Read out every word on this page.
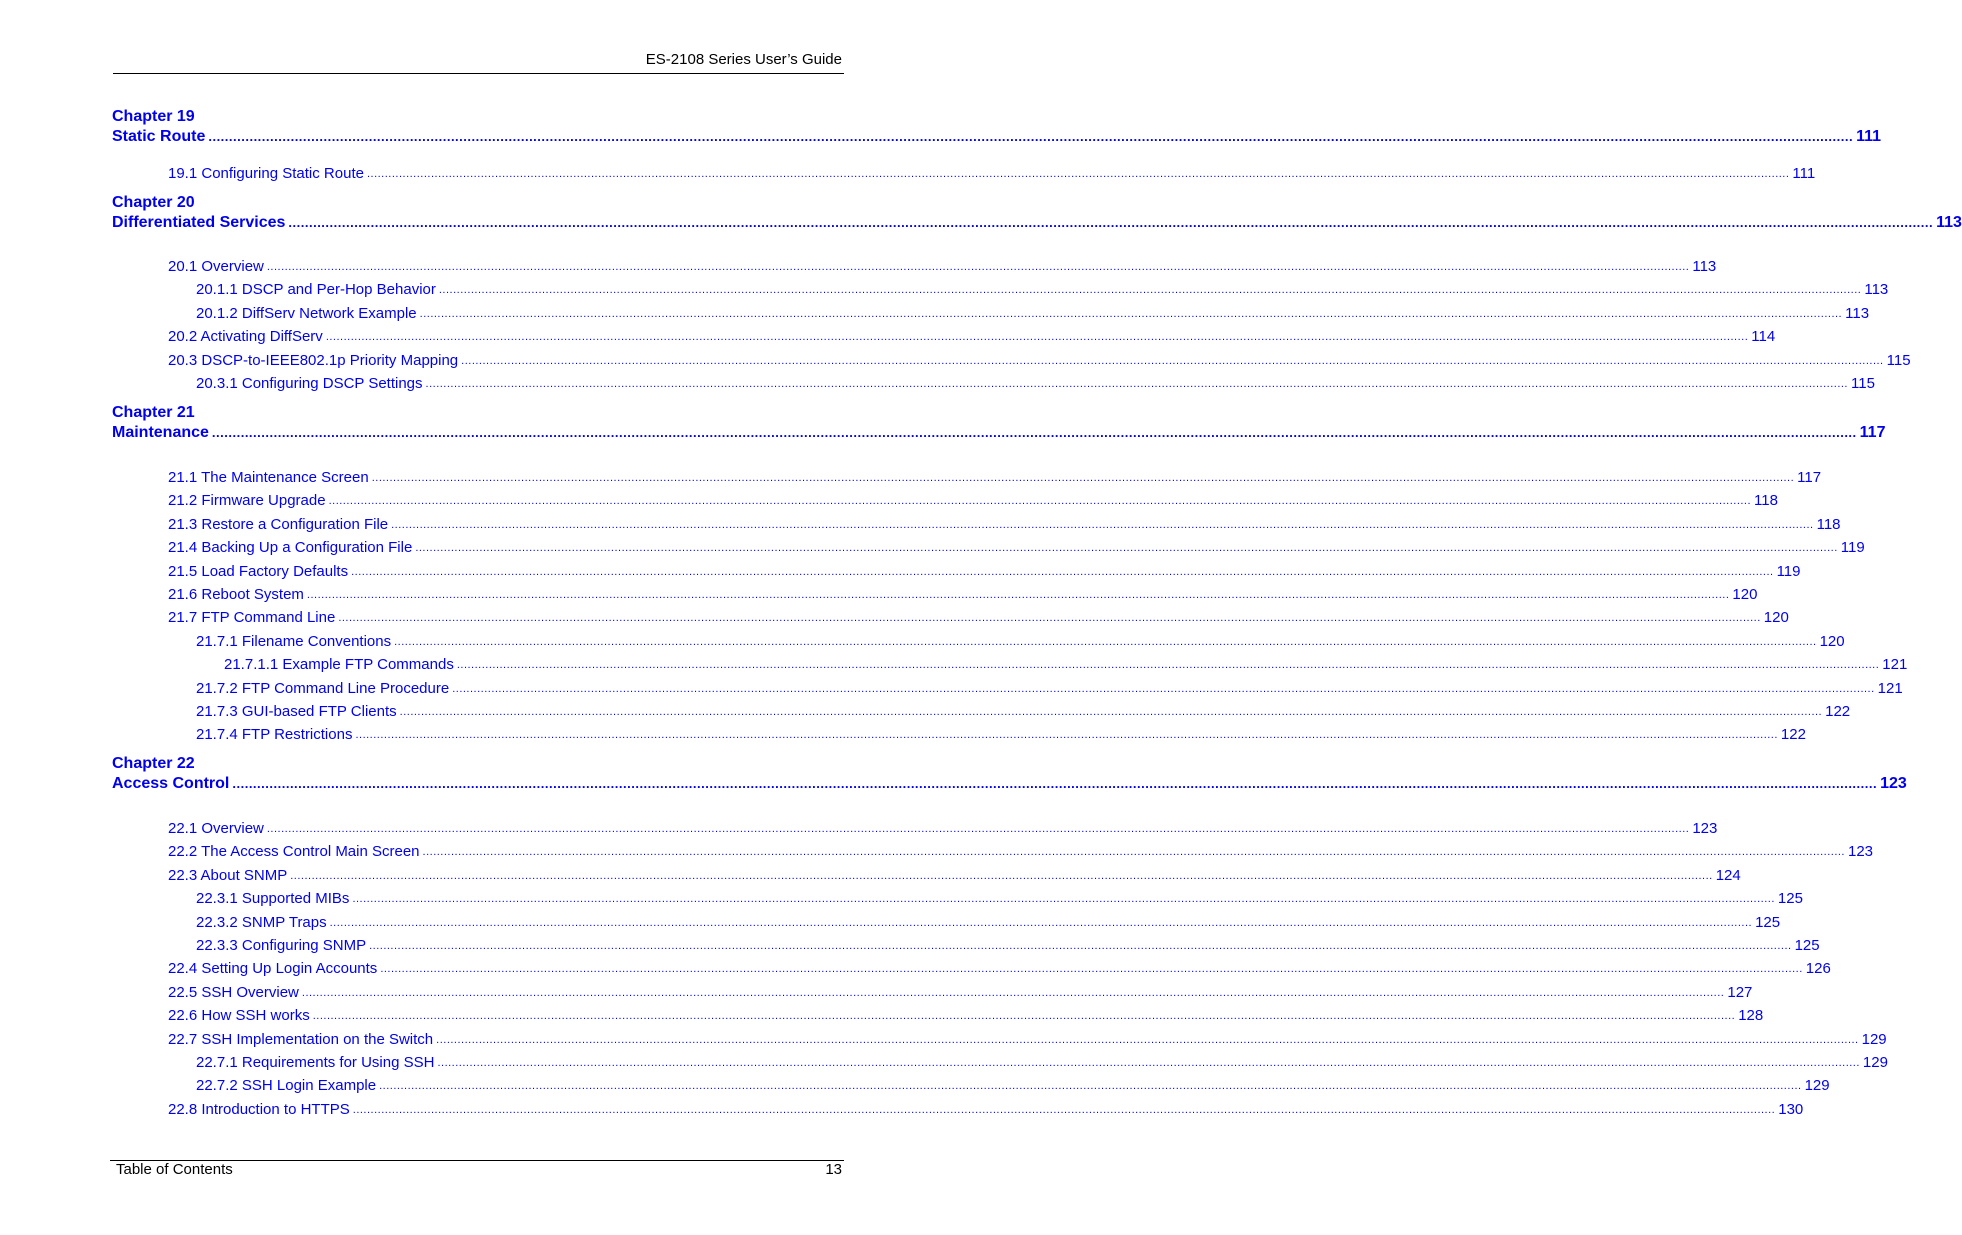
ES-2108 Series User’s Guide
Chapter 19
Static Route ................................................................................................................................................................................................................................................................................................................................................................................................................ 111
19.1 Configuring Static Route ................................................................................................................................................................................................................................................................................................................................................................................................................ 111
Chapter 20
Differentiated Services ................................................................................................................................................................................................................................................................................................................................................................................................................ 113
20.1 Overview ................................................................................................................................................................................................................................................................................................................................................................................................................ 113
20.1.1 DSCP and Per-Hop Behavior ................................................................................................................................................................................................................................................................................................................................................................................................................ 113
20.1.2 DiffServ Network Example ................................................................................................................................................................................................................................................................................................................................................................................................................ 113
20.2 Activating DiffServ ................................................................................................................................................................................................................................................................................................................................................................................................................ 114
20.3 DSCP-to-IEEE802.1p Priority Mapping ................................................................................................................................................................................................................................................................................................................................................................................................................ 115
20.3.1 Configuring DSCP Settings ................................................................................................................................................................................................................................................................................................................................................................................................................ 115
Chapter 21
Maintenance ................................................................................................................................................................................................................................................................................................................................................................................................................ 117
21.1 The Maintenance Screen ................................................................................................................................................................................................................................................................................................................................................................................................................ 117
21.2 Firmware Upgrade ................................................................................................................................................................................................................................................................................................................................................................................................................ 118
21.3 Restore a Configuration File ................................................................................................................................................................................................................................................................................................................................................................................................................ 118
21.4 Backing Up a Configuration File ................................................................................................................................................................................................................................................................................................................................................................................................................ 119
21.5 Load Factory Defaults ................................................................................................................................................................................................................................................................................................................................................................................................................ 119
21.6 Reboot System ................................................................................................................................................................................................................................................................................................................................................................................................................ 120
21.7 FTP Command Line ................................................................................................................................................................................................................................................................................................................................................................................................................ 120
21.7.1 Filename Conventions ................................................................................................................................................................................................................................................................................................................................................................................................................ 120
21.7.1.1 Example FTP Commands ................................................................................................................................................................................................................................................................................................................................................................................................................ 121
21.7.2 FTP Command Line Procedure ................................................................................................................................................................................................................................................................................................................................................................................................................ 121
21.7.3 GUI-based FTP Clients ................................................................................................................................................................................................................................................................................................................................................................................................................ 122
21.7.4 FTP Restrictions ................................................................................................................................................................................................................................................................................................................................................................................................................ 122
Chapter 22
Access Control ................................................................................................................................................................................................................................................................................................................................................................................................................ 123
22.1 Overview ................................................................................................................................................................................................................................................................................................................................................................................................................ 123
22.2 The Access Control Main Screen ................................................................................................................................................................................................................................................................................................................................................................................................................ 123
22.3 About SNMP ................................................................................................................................................................................................................................................................................................................................................................................................................ 124
22.3.1 Supported MIBs ................................................................................................................................................................................................................................................................................................................................................................................................................ 125
22.3.2 SNMP Traps ................................................................................................................................................................................................................................................................................................................................................................................................................ 125
22.3.3 Configuring SNMP ................................................................................................................................................................................................................................................................................................................................................................................................................ 125
22.4 Setting Up Login Accounts ................................................................................................................................................................................................................................................................................................................................................................................................................ 126
22.5 SSH Overview ................................................................................................................................................................................................................................................................................................................................................................................................................ 127
22.6 How SSH works ................................................................................................................................................................................................................................................................................................................................................................................................................ 128
22.7 SSH Implementation on the Switch ................................................................................................................................................................................................................................................................................................................................................................................................................ 129
22.7.1 Requirements for Using SSH ................................................................................................................................................................................................................................................................................................................................................................................................................ 129
22.7.2 SSH Login Example ................................................................................................................................................................................................................................................................................................................................................................................................................ 129
22.8 Introduction to HTTPS ................................................................................................................................................................................................................................................................................................................................................................................................................ 130
Table of Contents	13
